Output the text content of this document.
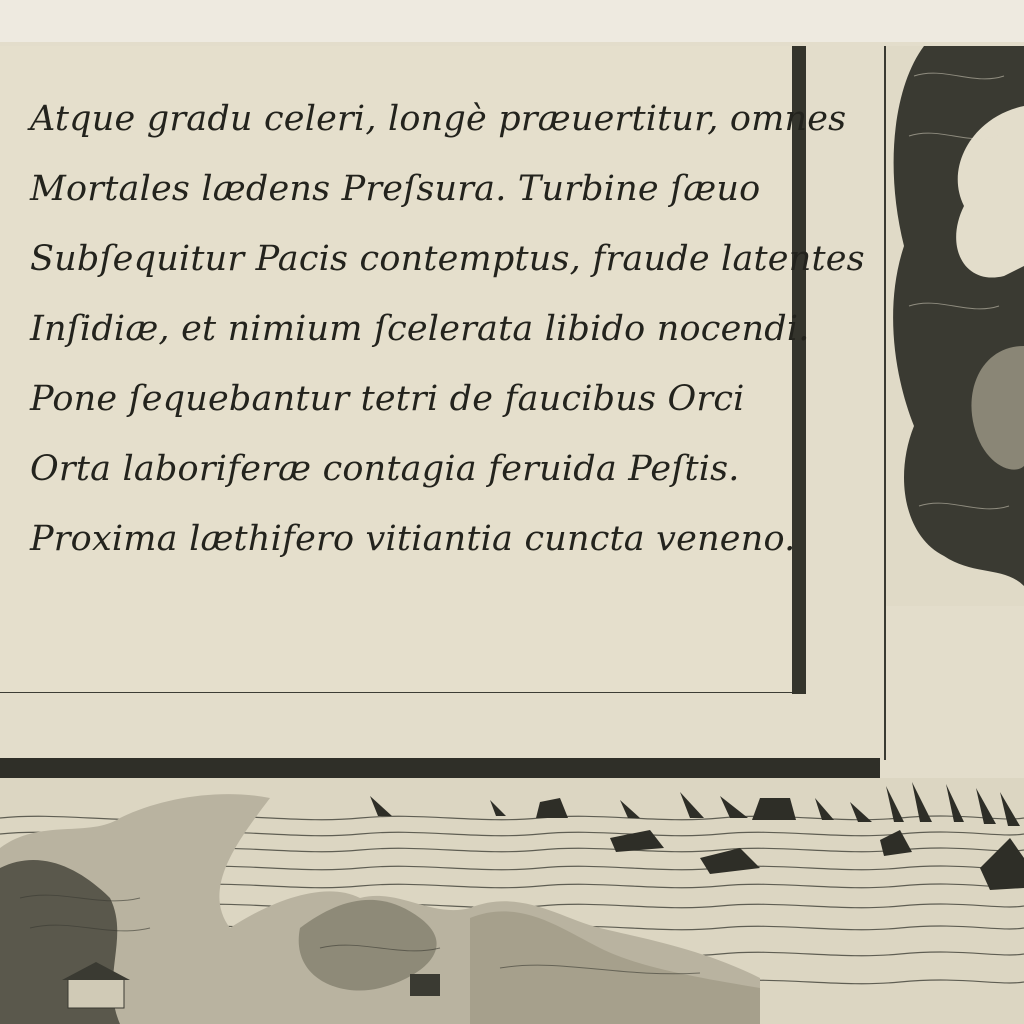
Atque gradu celeri, longè præuertitur, omnes
Mortales lædens Preſsura. Turbine ſæuo
Subſequitur Pacis contemptus, fraude latentes
Inſidiæ, et nimium ſcelerata libido nocendi.
Pone ſequebantur tetri de faucibus Orci
Orta laboriferæ contagia feruida Peſtis.
Proxima læthifero vitiantia cuncta veneno.
